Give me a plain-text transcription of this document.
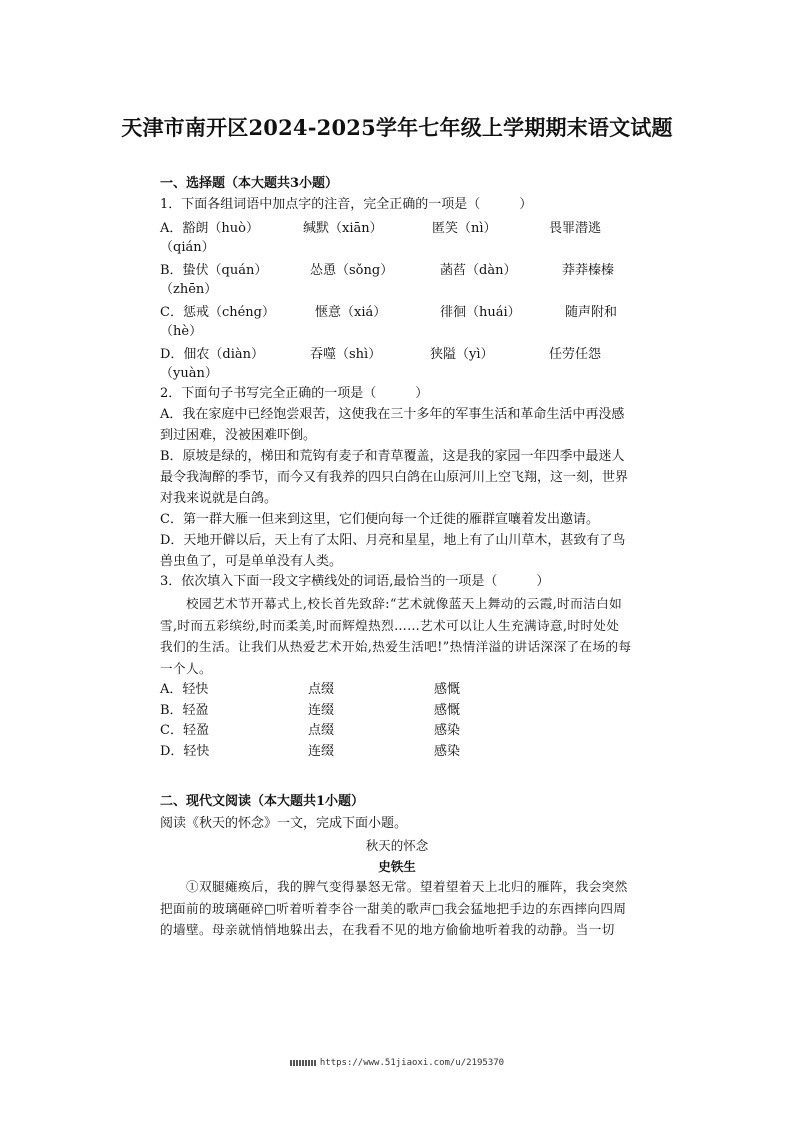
天津市南开区2024-2025学年七年级上学期期末语文试题
一、选择题（本大题共3小题）
1．下面各组词语中加点字的注音，完全正确的一项是（　　　）
A．豁朗（huò）	缄默（xiān）	匿笑（nì）	畏罪潜逃
（qián）
B．蛰伏（quán）	怂恿（sǒng）	菡萏（dàn）	莽莽榛榛
（zhēn）
C．惩戒（chéng）	惬意（xiá）	徘徊（huái）	随声附和
（hè）
D．佃农（diàn）	吞噬（shì）	狭隘（yì）	任劳任怨
（yuàn）
2．下面句子书写完全正确的一项是（　　　）
A．我在家庭中已经饱尝艰苦，这使我在三十多年的军事生活和革命生活中再没感到过困难，没被困难吓倒。
B．原坡是绿的，梯田和荒钩有麦子和青草覆盖，这是我的家园一年四季中最迷人最令我淘醉的季节，而今又有我养的四只白鸽在山原河川上空飞翔，这一刻，世界对我来说就是白鸽。
C．第一群大雁一但来到这里，它们便向每一个迁徙的雁群宣嚷着发出邀请。
D．天地开僻以后，天上有了太阳、月亮和星星，地上有了山川草木，甚致有了鸟兽虫鱼了，可是单单没有人类。
3．依次填入下面一段文字横线处的词语,最恰当的一项是（　　　）
　　校园艺术节开幕式上,校长首先致辞:“艺术就像蓝天上舞动的云霞,时而洁白如雪,时而五彩缤纷,时而柔美,时而辉煌热烈……艺术可以让人生充满诗意,时时处处我们的生活。让我们从热爱艺术开始,热爱生活吧!”热情洋溢的讲话深深了在场的每一个人。
A．轻快	点缀	感慨
B．轻盈	连缀	感慨
C．轻盈	点缀	感染
D．轻快	连缀	感染
二、现代文阅读（本大题共1小题）
阅读《秋天的怀念》一文，完成下面小题。
秋天的怀念
史铁生
　　①双腿瘫痪后，我的脾气变得暴怒无常。望着望着天上北归的雁阵，我会突然把面前的玻璃砸碎□听着听着李谷一甜美的歌声□我会猛地把手边的东西摔向四周的墙壁。母亲就悄悄地躲出去，在我看不见的地方偷偷地听着我的动静。当一切
https://www.51jiaoxi.com/u/2195370
